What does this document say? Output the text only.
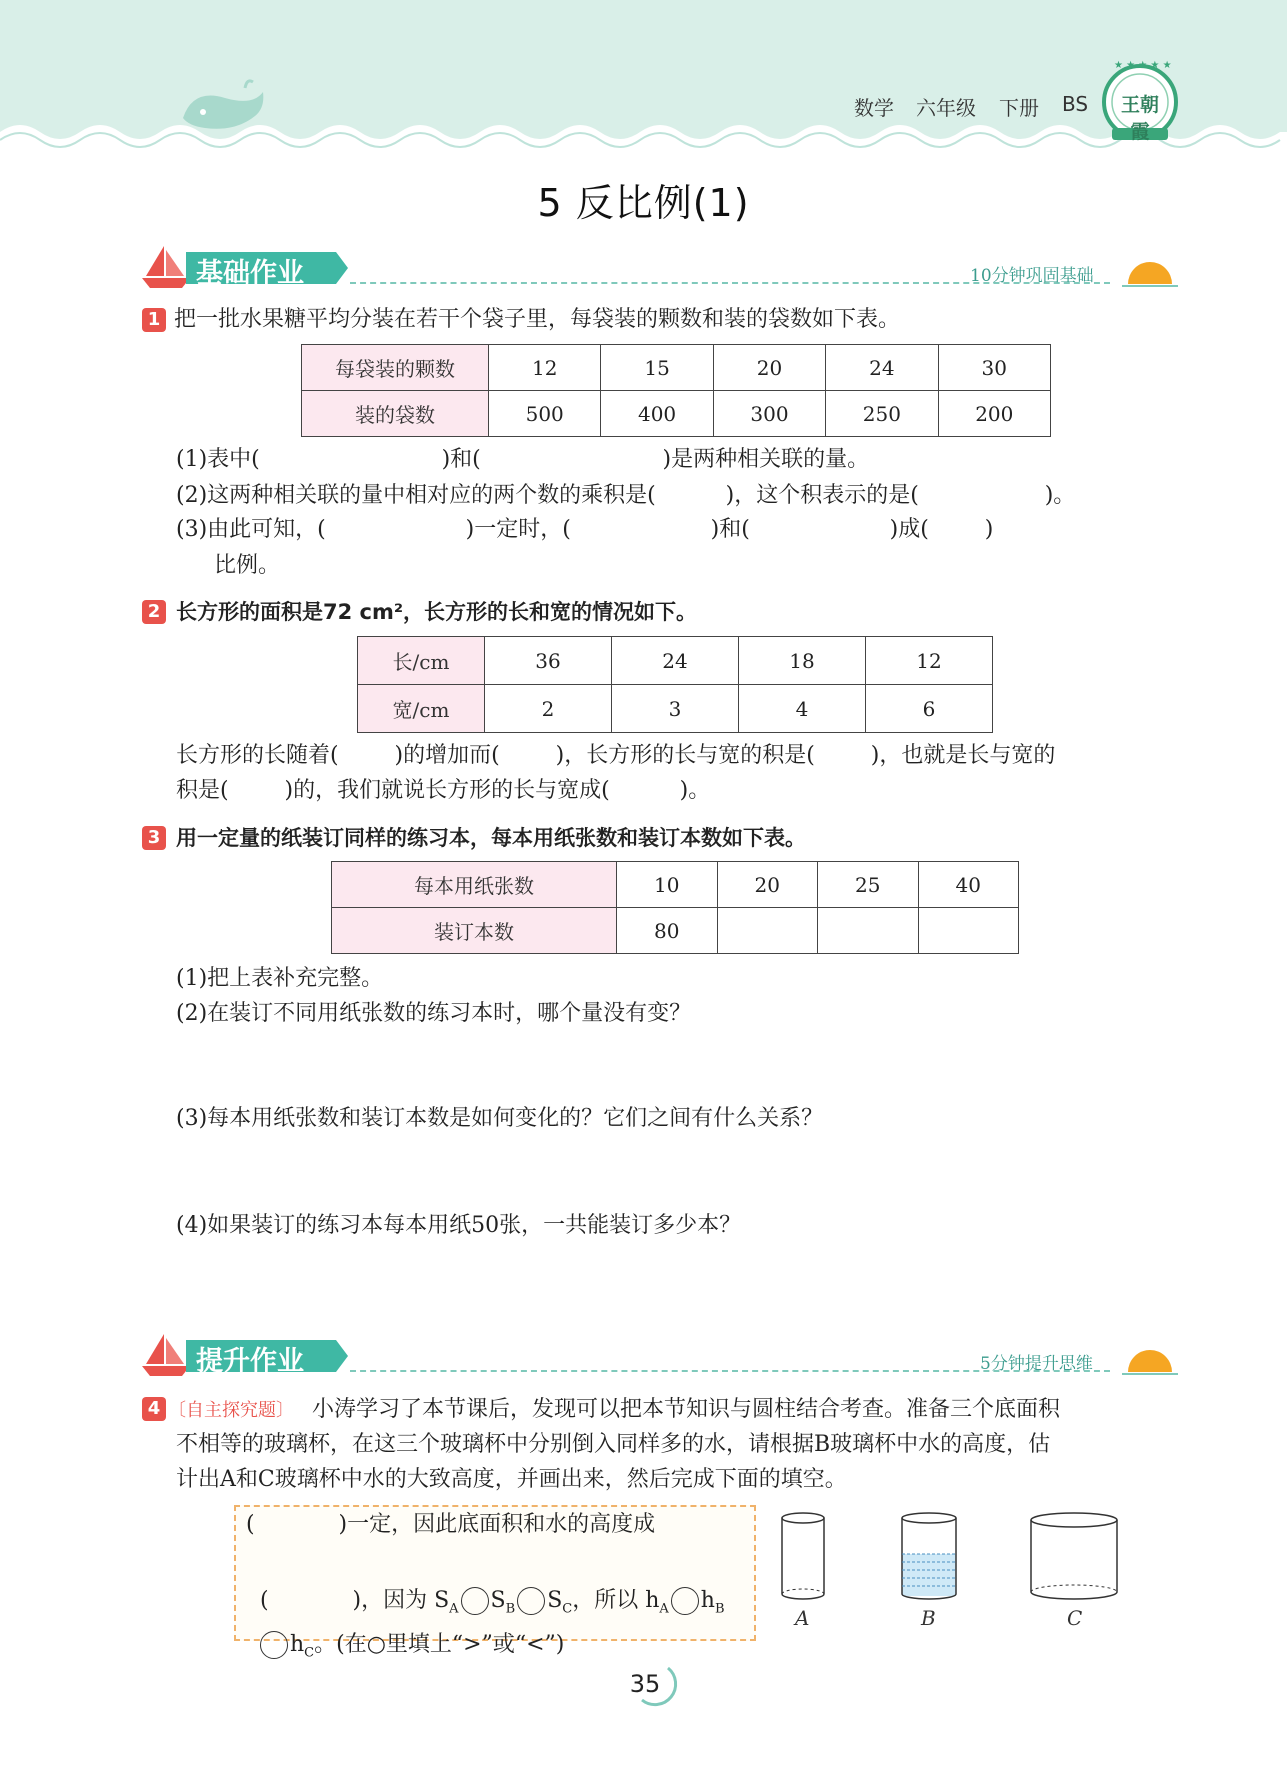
数学 六年级 下册 BS
★ ★ ★ ★ ★
王朝霞
5 反比例(1)
基础作业	10分钟巩固基础
1 把一批水果糖平均分装在若干个袋子里，每袋装的颗数和装的袋数如下表。
每袋装的颗数	12	15	20	24	30
装的袋数	500	400	300	250	200
(1)表中(                          )和(                          )是两种相关联的量。
(2)这两种相关联的量中相对应的两个数的乘积是(          )，这个积表示的是(                  )。
(3)由此可知，(                    )一定时，(                    )和(                    )成(        )
比例。
2 长方形的面积是72 cm²，长方形的长和宽的情况如下。
长/cm	36	24	18	12
宽/cm	2	3	4	6
长方形的长随着(        )的增加而(        )，长方形的长与宽的积是(        )，也就是长与宽的
积是(        )的，我们就说长方形的长与宽成(          )。
3 用一定量的纸装订同样的练习本，每本用纸张数和装订本数如下表。
每本用纸张数	10	20	25	40
装订本数	80			
(1)把上表补充完整。
(2)在装订不同用纸张数的练习本时，哪个量没有变？
(3)每本用纸张数和装订本数是如何变化的？它们之间有什么关系？
(4)如果装订的练习本每本用纸50张，一共能装订多少本？
提升作业	5分钟提升思维
4 〔自主探究题〕 小涛学习了本节课后，发现可以把本节知识与圆柱结合考查。准备三个底面积
不相等的玻璃杯，在这三个玻璃杯中分别倒入同样多的水，请根据B玻璃杯中水的高度，估
计出A和C玻璃杯中水的大致高度，并画出来，然后完成下面的填空。
(            )一定，因此底面积和水的高度成

(            )，因为 $S_A$ $S_B$ $S_C$，所以 $h_A$ $h_B$

$h_C$。(在○里填上“>”或“<”)

A	B	C
35
